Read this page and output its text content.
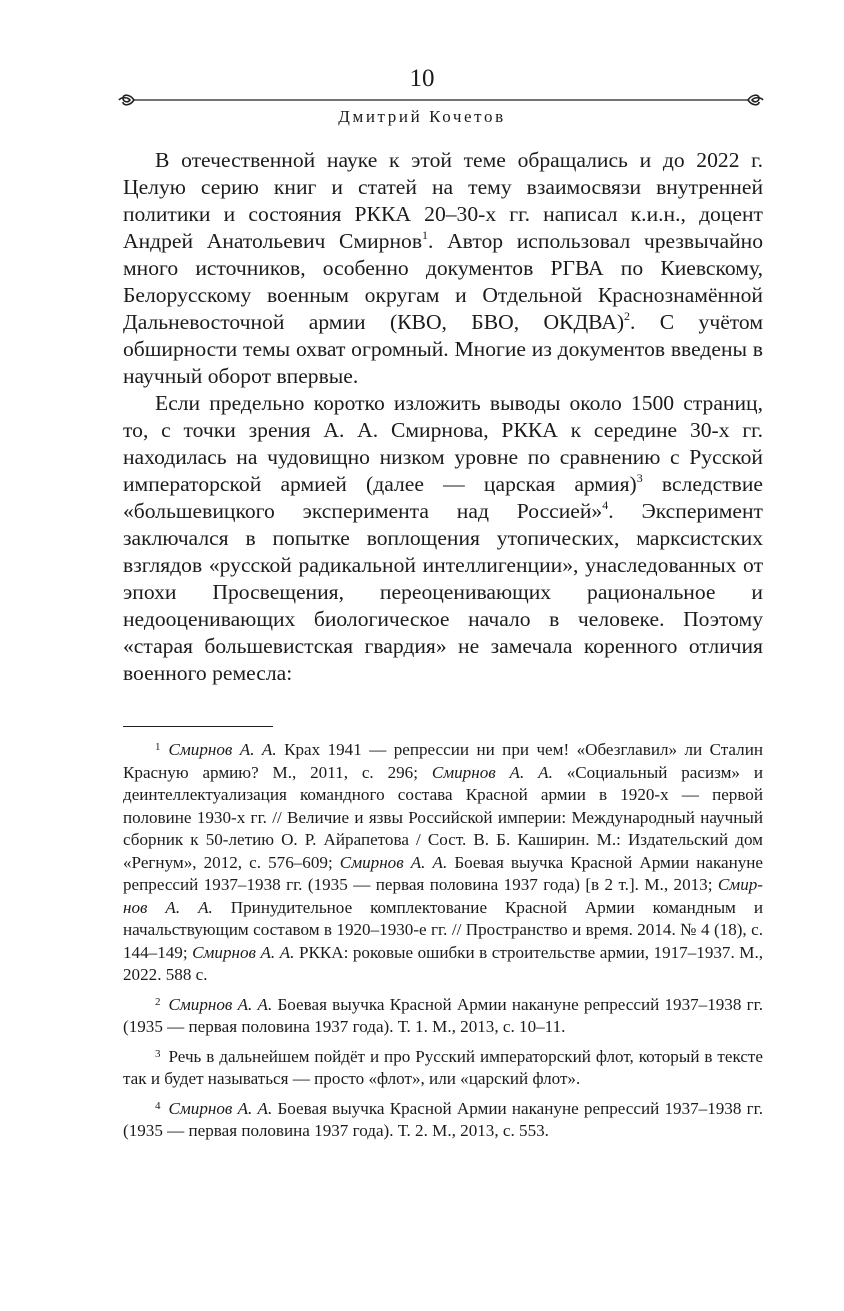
10
Дмитрий Кочетов

В отечественной науке к этой теме обращались и до 2022 г. Целую серию книг и статей на тему взаимосвязи внутренней политики и состояния РККА 20–30-х гг. написал к.и.н., доцент Андрей Анатольевич Смирнов$^1$. Автор использовал чрезвычайно много источников, особенно документов РГВА по Киевскому, Белорусскому военным округам и Отдельной Краснознамённой Дальневосточной армии (КВО, БВО, ОКДВА)$^2$. С учётом обширности темы охват огромный. Многие из документов введены в научный оборот впервые.

Если предельно коротко изложить выводы около 1500 страниц, то, с точки зрения А. А. Смирнова, РККА к середине 30-х гг. находилась на чудовищно низком уровне по сравнению с Русской императорской армией (далее — царская армия)$^3$ вследствие «большевицкого эксперимента над Россией»$^4$. Эксперимент заключался в попытке воплощения утопических, марксистских взглядов «русской радикальной интеллигенции», унаследованных от эпохи Просвещения, переоценивающих рациональное и недооценивающих биологическое начало в человеке. Поэтому «старая большевистская гвардия» не замечала коренного отличия военного ремесла:

$^1$ Смирнов А. А. Крах 1941 — репрессии ни при чем! «Обезглавил» ли Сталин Красную армию? М., 2011, с. 296; Смирнов А. А. «Социальный расизм» и деинтеллектуализация командного состава Красной армии в 1920-х — первой половине 1930-х гг. // Величие и язвы Российской империи: Международный научный сборник к 50-летию О. Р. Айрапетова / Сост. В. Б. Каширин. М.: Издательский дом «Регнум», 2012, с. 576–609; Смирнов А. А. Боевая выучка Красной Армии накануне репрессий 1937–1938 гг. (1935 — первая половина 1937 года) [в 2 т.]. М., 2013; Смирнов А. А. Принудительное комплектование Красной Армии командным и начальствующим составом в 1920–1930-е гг. // Пространство и время. 2014. № 4 (18), с. 144–149; Смирнов А. А. РККА: роковые ошибки в строительстве армии, 1917–1937. М., 2022. 588 с.

$^2$ Смирнов А. А. Боевая выучка Красной Армии накануне репрессий 1937–1938 гг. (1935 — первая половина 1937 года). Т. 1. М., 2013, с. 10–11.

$^3$ Речь в дальнейшем пойдёт и про Русский императорский флот, который в тексте так и будет называться — просто «флот», или «царский флот».

$^4$ Смирнов А. А. Боевая выучка Красной Армии накануне репрессий 1937–1938 гг. (1935 — первая половина 1937 года). Т. 2. М., 2013, с. 553.
